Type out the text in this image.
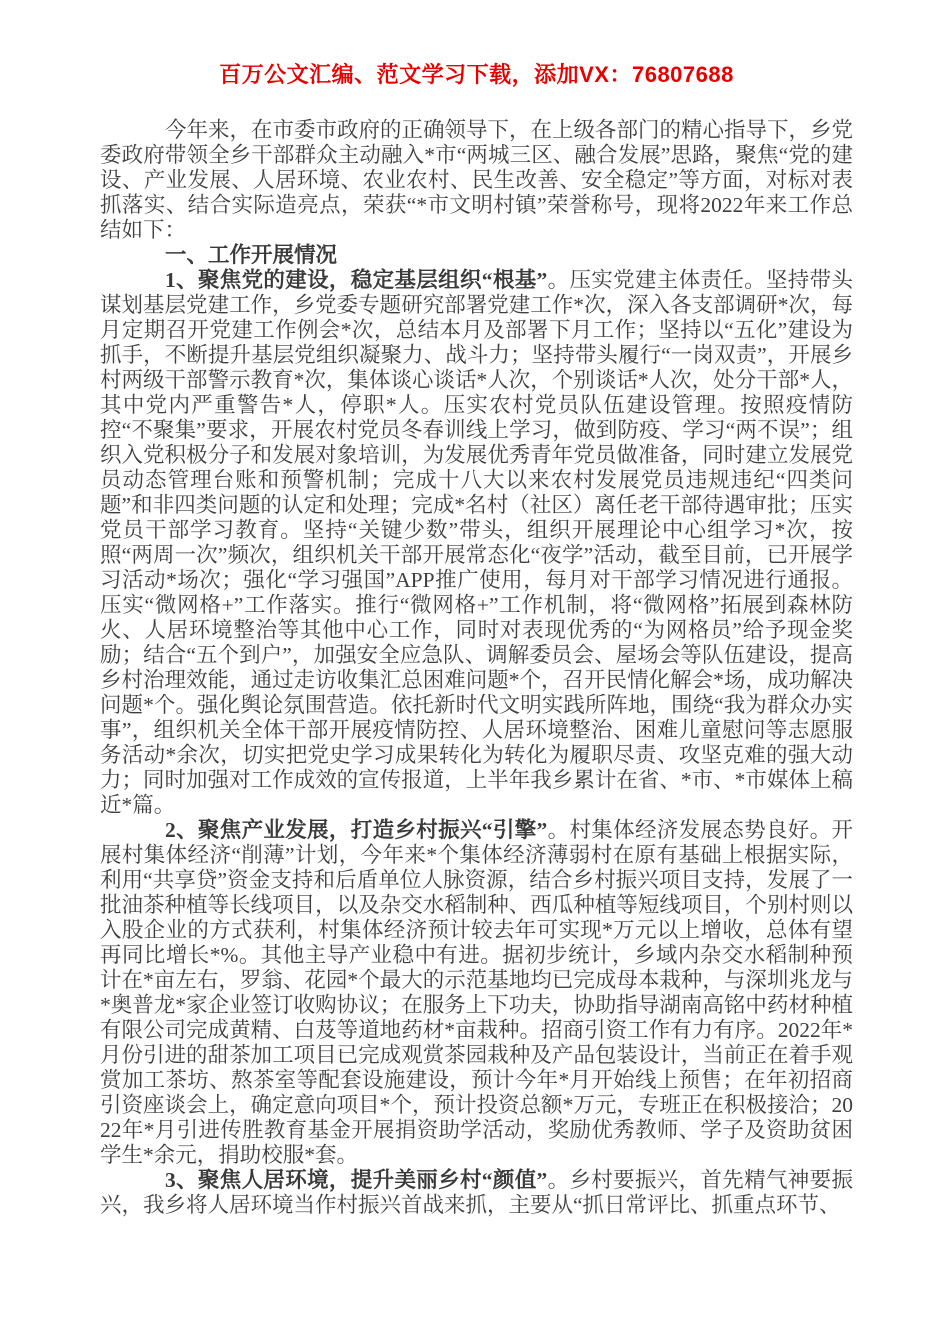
百万公文汇编、范文学习下载，添加VX：76807688

今年来，在市委市政府的正确领导下，在上级各部门的精心指导下，乡党委政府带领全乡干部群众主动融入*市“两城三区、融合发展”思路，聚焦“党的建设、产业发展、人居环境、农业农村、民生改善、安全稳定”等方面，对标对表抓落实、结合实际造亮点，荣获“*市文明村镇”荣誉称号，现将2022年来工作总结如下：

一、工作开展情况

1、聚焦党的建设，稳定基层组织“根基”。压实党建主体责任。坚持带头谋划基层党建工作，乡党委专题研究部署党建工作*次，深入各支部调研*次，每月定期召开党建工作例会*次，总结本月及部署下月工作；坚持以“五化”建设为抓手，不断提升基层党组织凝聚力、战斗力；坚持带头履行“一岗双责”，开展乡村两级干部警示教育*次，集体谈心谈话*人次，个别谈话*人次，处分干部*人，其中党内严重警告*人，停职*人。压实农村党员队伍建设管理。按照疫情防控“不聚集”要求，开展农村党员冬春训线上学习，做到防疫、学习“两不误”；组织入党积极分子和发展对象培训，为发展优秀青年党员做准备，同时建立发展党员动态管理台账和预警机制；完成十八大以来农村发展党员违规违纪“四类问题”和非四类问题的认定和处理；完成*名村（社区）离任老干部待遇审批；压实党员干部学习教育。坚持“关键少数”带头，组织开展理论中心组学习*次，按照“两周一次”频次，组织机关干部开展常态化“夜学”活动，截至目前，已开展学习活动*场次；强化“学习强国”APP推广使用，每月对干部学习情况进行通报。压实“微网格+”工作落实。推行“微网格+”工作机制，将“微网格”拓展到森林防火、人居环境整治等其他中心工作，同时对表现优秀的“为网格员”给予现金奖励；结合“五个到户”，加强安全应急队、调解委员会、屋场会等队伍建设，提高乡村治理效能，通过走访收集汇总困难问题*个，召开民情化解会*场，成功解决问题*个。强化舆论氛围营造。依托新时代文明实践所阵地，围绕“我为群众办实事”，组织机关全体干部开展疫情防控、人居环境整治、困难儿童慰问等志愿服务活动*余次，切实把党史学习成果转化为转化为履职尽责、攻坚克难的强大动力；同时加强对工作成效的宣传报道，上半年我乡累计在省、*市、*市媒体上稿近*篇。

2、聚焦产业发展，打造乡村振兴“引擎”。村集体经济发展态势良好。开展村集体经济“削薄”计划，今年来*个集体经济薄弱村在原有基础上根据实际，利用“共享贷”资金支持和后盾单位人脉资源，结合乡村振兴项目支持，发展了一批油茶种植等长线项目，以及杂交水稻制种、西瓜种植等短线项目，个别村则以入股企业的方式获利，村集体经济预计较去年可实现*万元以上增收，总体有望再同比增长*%。其他主导产业稳中有进。据初步统计，乡域内杂交水稻制种预计在*亩左右，罗翁、花园*个最大的示范基地均已完成母本栽种，与深圳兆龙与*奥普龙*家企业签订收购协议；在服务上下功夫，协助指导湖南高铭中药材种植有限公司完成黄精、白芨等道地药材*亩栽种。招商引资工作有力有序。2022年*月份引进的甜茶加工项目已完成观赏茶园栽种及产品包装设计，当前正在着手观赏加工茶坊、熬茶室等配套设施建设，预计今年*月开始线上预售；在年初招商引资座谈会上，确定意向项目*个，预计投资总额*万元，专班正在积极接洽；2022年*月引进传胜教育基金开展捐资助学活动，奖励优秀教师、学子及资助贫困学生*余元，捐助校服*套。

3、聚焦人居环境，提升美丽乡村“颜值”。乡村要振兴，首先精气神要振兴，我乡将人居环境当作村振兴首战来抓，主要从“抓日常评比、抓重点环节、
